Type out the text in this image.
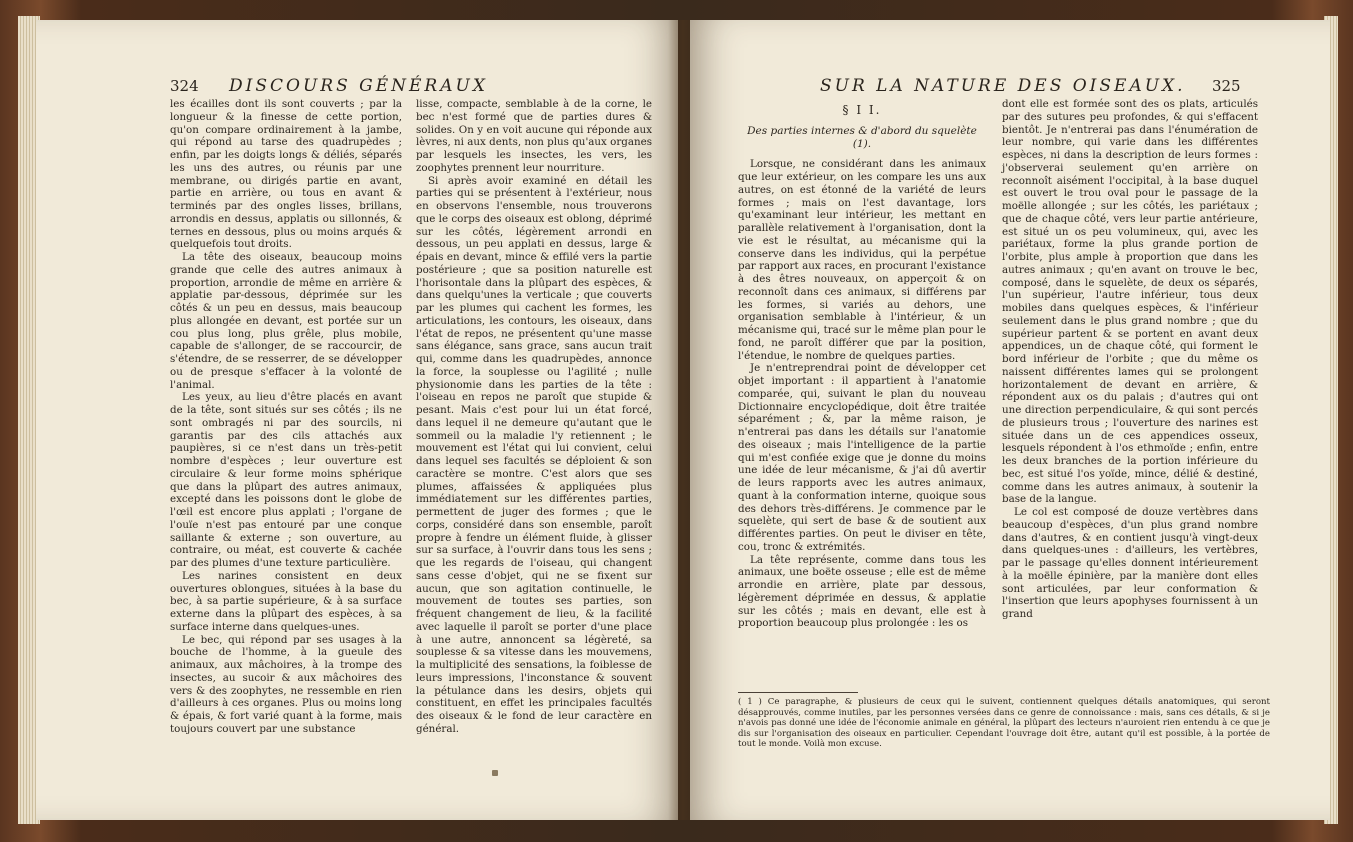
324 DISCOURS GÉNÉRAUX

les écailles dont ils sont couverts ; par la longueur & la finesse de cette portion, qu'on compare ordinairement à la jambe, qui répond au tarse des quadrupèdes ; enfin, par les doigts longs & déliés, séparés les uns des autres, ou réunis par une membrane, ou dirigés partie en avant, partie en arrière, ou tous en avant & terminés par des ongles lisses, brillans, arrondis en dessus, applatis ou sillonnés, & ternes en dessous, plus ou moins arqués & quelquefois tout droits.

La tête des oiseaux, beaucoup moins grande que celle des autres animaux à proportion, arrondie de même en arrière & applatie par-dessous, déprimée sur les côtés & un peu en dessus, mais beaucoup plus allongée en devant, est portée sur un cou plus long, plus grêle, plus mobile, capable de s'allonger, de se raccourcir, de s'étendre, de se resserrer, de se développer ou de presque s'effacer à la volonté de l'animal.

Les yeux, au lieu d'être placés en avant de la tête, sont situés sur ses côtés ; ils ne sont ombragés ni par des sourcils, ni garantis par des cils attachés aux paupières, si ce n'est dans un très-petit nombre d'espèces ; leur ouverture est circulaire & leur forme moins sphérique que dans la plûpart des autres animaux, excepté dans les poissons dont le globe de l'œil est encore plus applati ; l'organe de l'ouïe n'est pas entouré par une conque saillante & externe ; son ouverture, au contraire, ou méat, est couverte & cachée par des plumes d'une texture particulière.

Les narines consistent en deux ouvertures oblongues, situées à la base du bec, à sa partie supérieure, & à sa surface externe dans la plûpart des espèces, à sa surface interne dans quelques-unes.

Le bec, qui répond par ses usages à la bouche de l'homme, à la gueule des animaux, aux mâchoires, à la trompe des insectes, au sucoir & aux mâchoires des vers & des zoophytes, ne ressemble en rien d'ailleurs à ces organes. Plus ou moins long & épais, & fort varié quant à la forme, mais toujours couvert par une substance

lisse, compacte, semblable à de la corne, le bec n'est formé que de parties dures & solides. On y en voit aucune qui réponde aux lèvres, ni aux dents, non plus qu'aux organes par lesquels les insectes, les vers, les zoophytes prennent leur nourriture.

Si après avoir examiné en détail les parties qui se présentent à l'extérieur, nous en observons l'ensemble, nous trouverons que le corps des oiseaux est oblong, déprimé sur les côtés, légèrement arrondi en dessous, un peu applati en dessus, large & épais en devant, mince & effilé vers la partie postérieure ; que sa position naturelle est l'horisontale dans la plûpart des espèces, & dans quelqu'unes la verticale ; que couverts par les plumes qui cachent les formes, les articulations, les contours, les oiseaux, dans l'état de repos, ne présentent qu'une masse sans élégance, sans grace, sans aucun trait qui, comme dans les quadrupèdes, annonce la force, la souplesse ou l'agilité ; nulle physionomie dans les parties de la tête : l'oiseau en repos ne paroît que stupide & pesant. Mais c'est pour lui un état forcé, dans lequel il ne demeure qu'autant que le sommeil ou la maladie l'y retiennent ; le mouvement est l'état qui lui convient, celui dans lequel ses facultés se déploient & son caractère se montre. C'est alors que ses plumes, affaissées & appliquées plus immédiatement sur les différentes parties, permettent de juger des formes ; que le corps, considéré dans son ensemble, paroît propre à fendre un élément fluide, à glisser sur sa surface, à l'ouvrir dans tous les sens ; que les regards de l'oiseau, qui changent sans cesse d'objet, qui ne se fixent sur aucun, que son agitation continuelle, le mouvement de toutes ses parties, son fréquent changement de lieu, & la facilité avec laquelle il paroît se porter d'une place à une autre, annoncent sa légèreté, sa souplesse & sa vitesse dans les mouvemens, la multiplicité des sensations, la foiblesse de leurs impressions, l'inconstance & souvent la pétulance dans les desirs, objets qui constituent, en effet les principales facultés des oiseaux & le fond de leur caractère en général.

SUR LA NATURE DES OISEAUX. 325
§ I I.
Des parties internes & d'abord du squelète (1).

Lorsque, ne considérant dans les animaux que leur extérieur, on les compare les uns aux autres, on est étonné de la variété de leurs formes ; mais on l'est davantage, lors qu'examinant leur intérieur, les mettant en parallèle relativement à l'organisation, dont la vie est le résultat, au mécanisme qui la conserve dans les individus, qui la perpétue par rapport aux races, en procurant l'existance à des êtres nouveaux, on apperçoit & on reconnoît dans ces animaux, si différens par les formes, si variés au dehors, une organisation semblable à l'intérieur, & un mécanisme qui, tracé sur le même plan pour le fond, ne paroît différer que par la position, l'étendue, le nombre de quelques parties.

Je n'entreprendrai point de développer cet objet important : il appartient à l'anatomie comparée, qui, suivant le plan du nouveau Dictionnaire encyclopédique, doit être traitée séparément ; &, par la même raison, je n'entrerai pas dans les détails sur l'anatomie des oiseaux ; mais l'intelligence de la partie qui m'est confiée exige que je donne du moins une idée de leur mécanisme, & j'ai dû avertir de leurs rapports avec les autres animaux, quant à la conformation interne, quoique sous des dehors très-différens. Je commence par le squelète, qui sert de base & de soutient aux différentes parties. On peut le diviser en tête, cou, tronc & extrémités.

La tête représente, comme dans tous les animaux, une boëte osseuse ; elle est de même arrondie en arrière, plate par dessous, légèrement déprimée en dessus, & applatie sur les côtés ; mais en devant, elle est à proportion beaucoup plus prolongée : les os

dont elle est formée sont des os plats, articulés par des sutures peu profondes, & qui s'effacent bientôt. Je n'entrerai pas dans l'énumération de leur nombre, qui varie dans les différentes espèces, ni dans la description de leurs formes : j'observerai seulement qu'en arrière on reconnoît aisément l'occipital, à la base duquel est ouvert le trou oval pour le passage de la moëlle allongée ; sur les côtés, les pariétaux ; que de chaque côté, vers leur partie antérieure, est situé un os peu volumineux, qui, avec les pariétaux, forme la plus grande portion de l'orbite, plus ample à proportion que dans les autres animaux ; qu'en avant on trouve le bec, composé, dans le squelète, de deux os séparés, l'un supérieur, l'autre inférieur, tous deux mobiles dans quelques espèces, & l'inférieur seulement dans le plus grand nombre ; que du supérieur partent & se portent en avant deux appendices, un de chaque côté, qui forment le bord inférieur de l'orbite ; que du même os naissent différentes lames qui se prolongent horizontalement de devant en arrière, & répondent aux os du palais ; d'autres qui ont une direction perpendiculaire, & qui sont percés de plusieurs trous ; l'ouverture des narines est située dans un de ces appendices osseux, lesquels répondent à l'os ethmoïde ; enfin, entre les deux branches de la portion inférieure du bec, est situé l'os yoïde, mince, délié & destiné, comme dans les autres animaux, à soutenir la base de la langue.

Le col est composé de douze vertèbres dans beaucoup d'espèces, d'un plus grand nombre dans d'autres, & en contient jusqu'à vingt-deux dans quelques-unes : d'ailleurs, les vertèbres, par le passage qu'elles donnent intérieurement à la moëlle épinière, par la manière dont elles sont articulées, par leur conformation & l'insertion que leurs apophyses fournissent à un grand

( 1 ) Ce paragraphe, & plusieurs de ceux qui le suivent, contiennent quelques détails anatomiques, qui seront désapprouvés, comme inutiles, par les personnes versées dans ce genre de connoissance : mais, sans ces détails, & si je n'avois pas donné une idée de l'économie animale en général, la plûpart des lecteurs n'auroient rien entendu à ce que je dis sur l'organisation des oiseaux en particulier. Cependant l'ouvrage doit être, autant qu'il est possible, à la portée de tout le monde. Voilà mon excuse.
